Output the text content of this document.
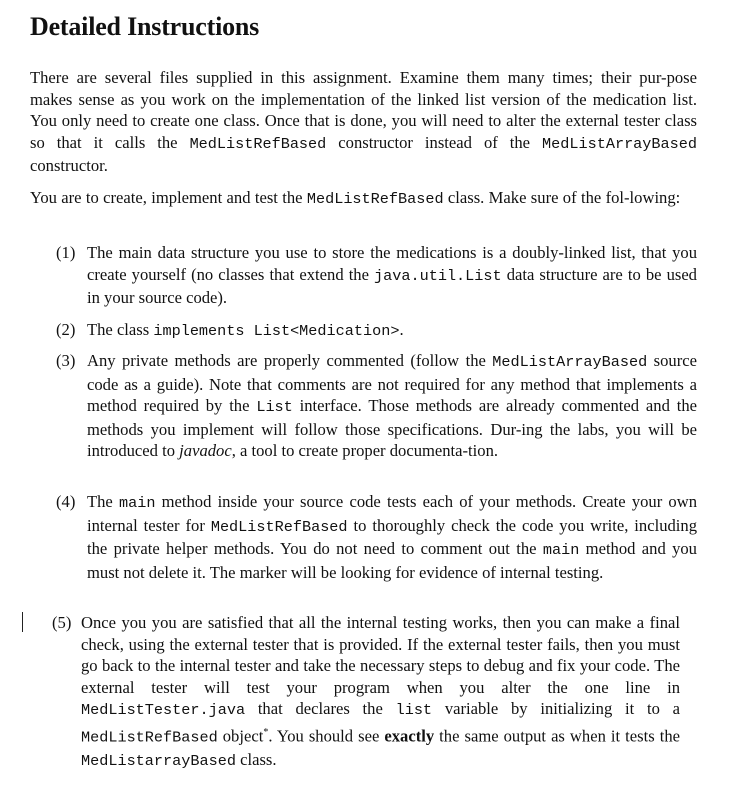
Detailed Instructions
There are several files supplied in this assignment. Examine them many times; their pur-pose makes sense as you work on the implementation of the linked list version of the medication list. You only need to create one class. Once that is done, you will need to alter the external tester class so that it calls the MedListRefBased constructor instead of the MedListArrayBased constructor.
You are to create, implement and test the MedListRefBased class. Make sure of the fol-lowing:
(1) The main data structure you use to store the medications is a doubly-linked list, that you create yourself (no classes that extend the java.util.List data structure are to be used in your source code).
(2) The class implements List<Medication>.
(3) Any private methods are properly commented (follow the MedListArrayBased source code as a guide). Note that comments are not required for any method that implements a method required by the List interface. Those methods are already commented and the methods you implement will follow those specifications. Dur-ing the labs, you will be introduced to javadoc, a tool to create proper documenta-tion.
(4) The main method inside your source code tests each of your methods. Create your own internal tester for MedListRefBased to thoroughly check the code you write, including the private helper methods. You do not need to comment out the main method and you must not delete it. The marker will be looking for evidence of internal testing.
(5) Once you you are satisfied that all the internal testing works, then you can make a final check, using the external tester that is provided. If the external tester fails, then you must go back to the internal tester and take the necessary steps to debug and fix your code. The external tester will test your program when you alter the one line in MedListTester.java that declares the list variable by initializing it to a MedListRefBased object*. You should see exactly the same output as when it tests the MedListarrayBased class.
